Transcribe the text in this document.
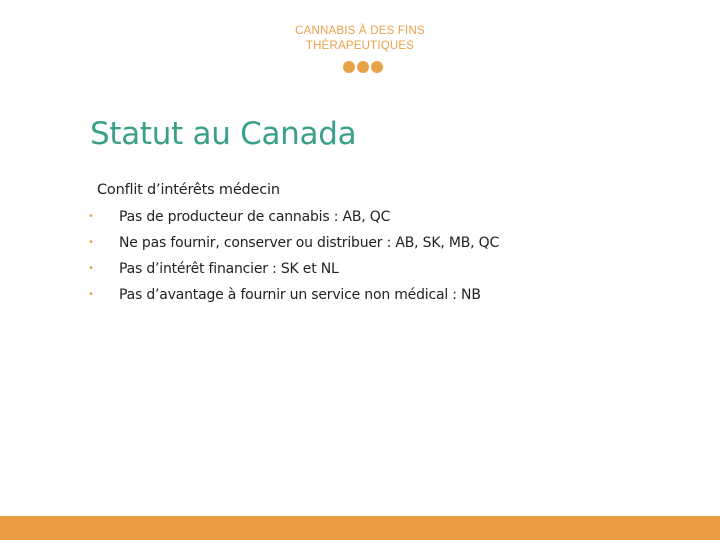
CANNABIS À DES FINS
THÉRAPEUTIQUES
Statut au Canada
Conflit d’intérêts médecin
•	Pas de producteur de cannabis : AB, QC
•	Ne pas fournir, conserver ou distribuer : AB, SK, MB, QC
•	Pas d’intérêt financier : SK et NL
•	Pas d’avantage à fournir un service non médical : NB
